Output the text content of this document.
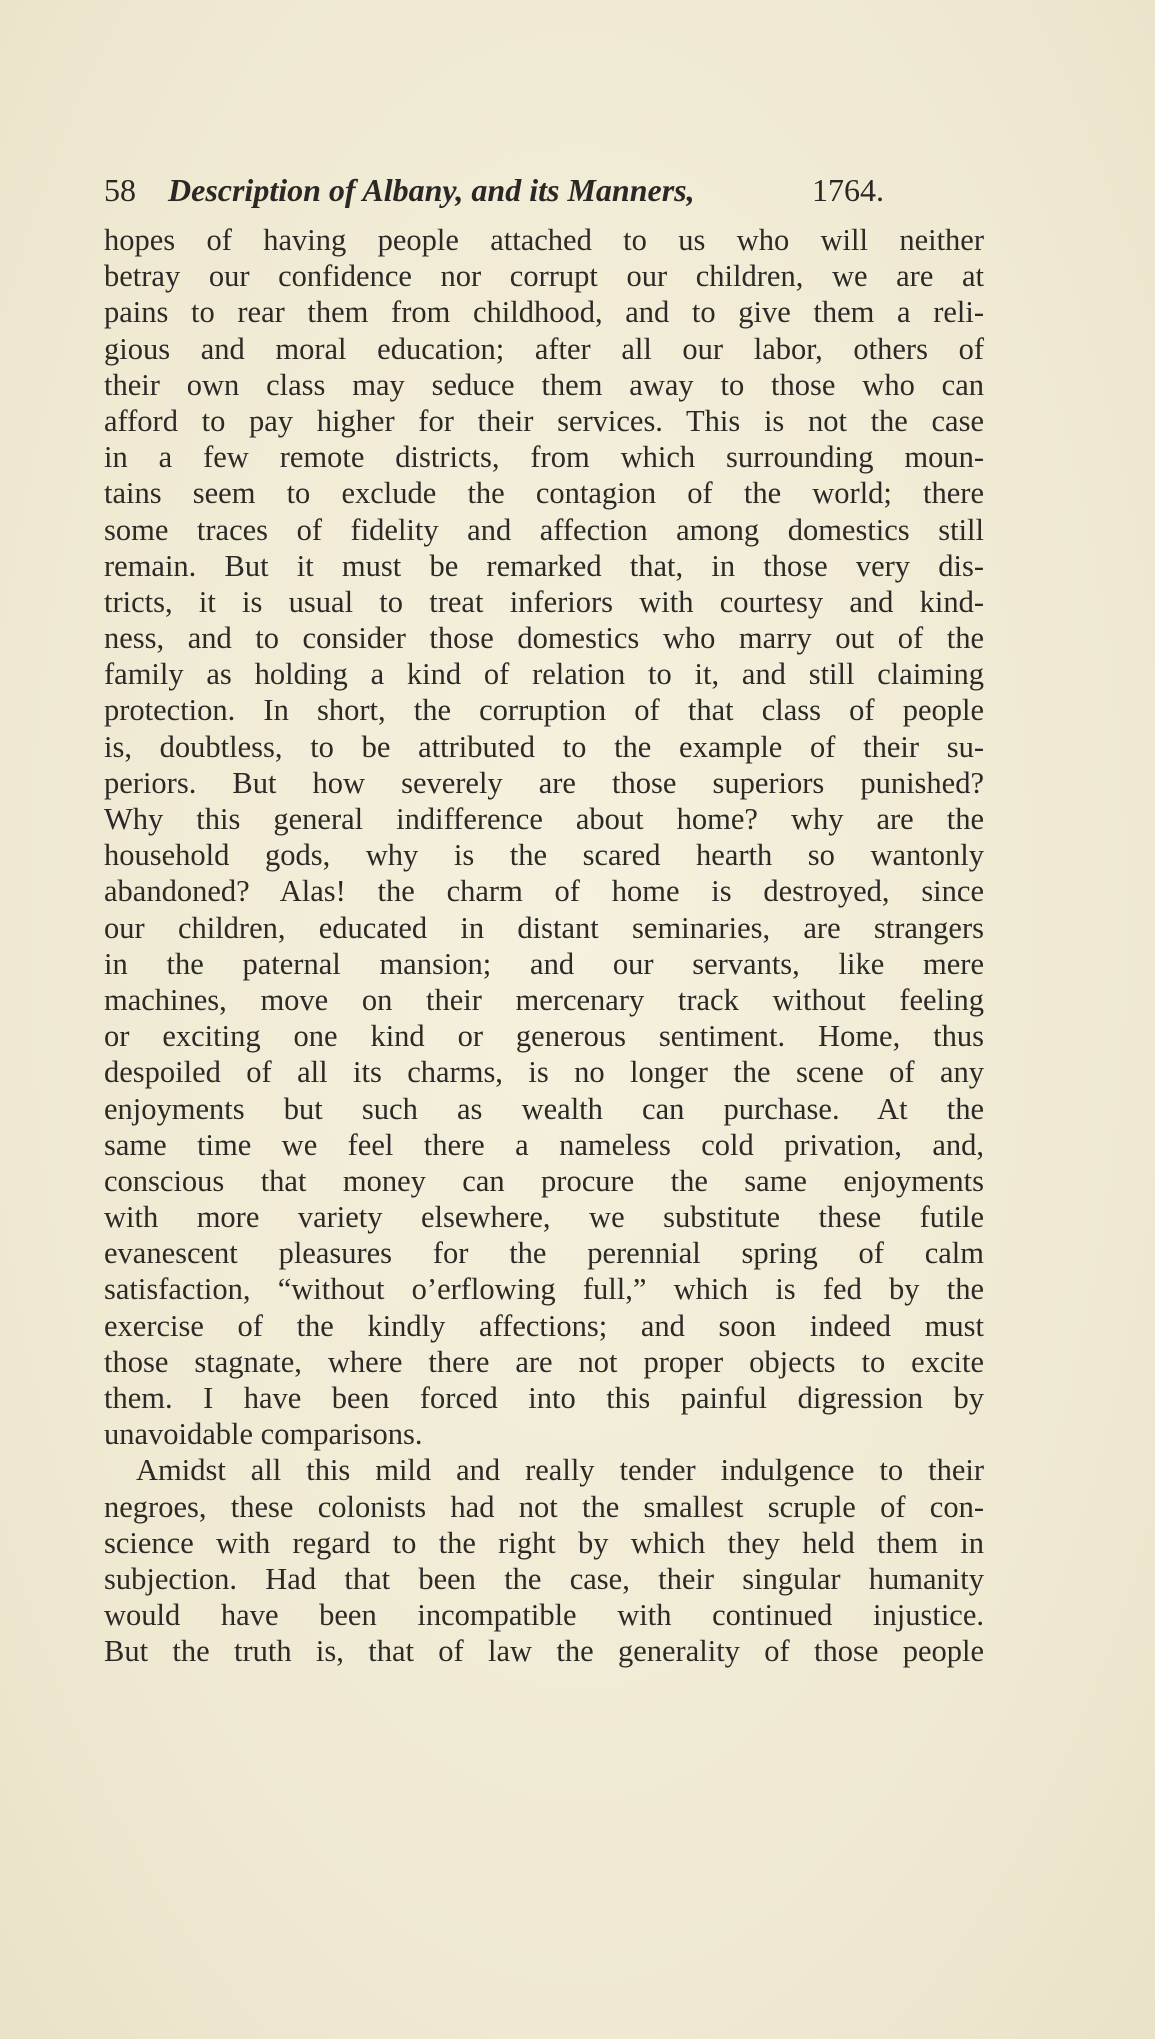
58 Description of Albany, and its Manners,	1764.
hopes of having people attached to us who will neither
betray our confidence nor corrupt our children, we are at
pains to rear them from childhood, and to give them a reli-
gious and moral education; after all our labor, others of
their own class may seduce them away to those who can
afford to pay higher for their services. This is not the case
in a few remote districts, from which surrounding moun-
tains seem to exclude the contagion of the world; there
some traces of fidelity and affection among domestics still
remain. But it must be remarked that, in those very dis-
tricts, it is usual to treat inferiors with courtesy and kind-
ness, and to consider those domestics who marry out of the
family as holding a kind of relation to it, and still claiming
protection. In short, the corruption of that class of people
is, doubtless, to be attributed to the example of their su-
periors. But how severely are those superiors punished?
Why this general indifference about home? why are the
household gods, why is the scared hearth so wantonly
abandoned? Alas! the charm of home is destroyed, since
our children, educated in distant seminaries, are strangers
in the paternal mansion; and our servants, like mere
machines, move on their mercenary track without feeling
or exciting one kind or generous sentiment. Home, thus
despoiled of all its charms, is no longer the scene of any
enjoyments but such as wealth can purchase. At the
same time we feel there a nameless cold privation, and,
conscious that money can procure the same enjoyments
with more variety elsewhere, we substitute these futile
evanescent pleasures for the perennial spring of calm
satisfaction, “without o’erflowing full,” which is fed by the
exercise of the kindly affections; and soon indeed must
those stagnate, where there are not proper objects to excite
them. I have been forced into this painful digression by
unavoidable comparisons.
Amidst all this mild and really tender indulgence to their
negroes, these colonists had not the smallest scruple of con-
science with regard to the right by which they held them in
subjection. Had that been the case, their singular humanity
would have been incompatible with continued injustice.
But the truth is, that of law the generality of those people
